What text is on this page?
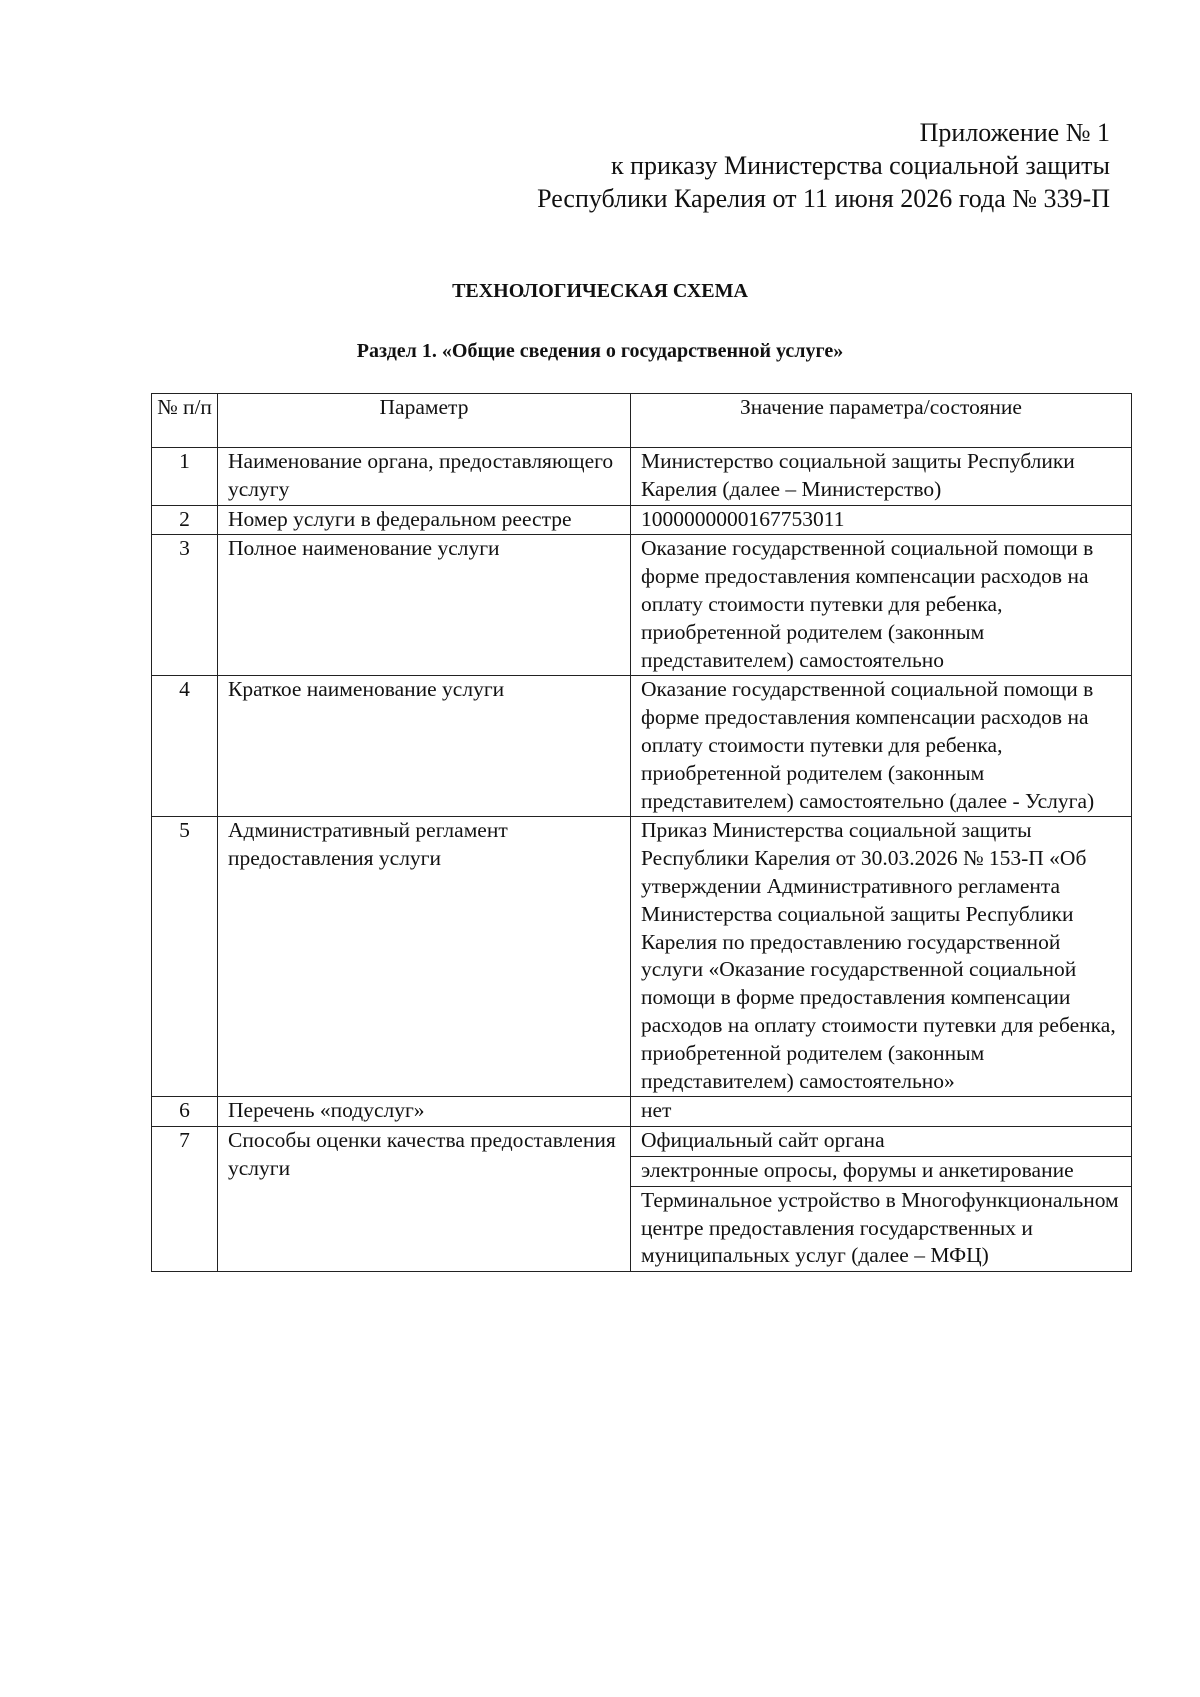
Приложение № 1
к приказу Министерства социальной защиты
Республики Карелия от 11 июня 2026 года № 339-П
ТЕХНОЛОГИЧЕСКАЯ СХЕМА
Раздел 1. «Общие сведения о государственной услуге»
№ п/п	Параметр	Значение параметра/состояние
1	Наименование органа, предоставляющего услугу	Министерство социальной защиты Республики Карелия (далее – Министерство)
2	Номер услуги в федеральном реестре	1000000000167753011
3	Полное наименование услуги	Оказание государственной социальной помощи в форме предоставления компенсации расходов на оплату стоимости путевки для ребенка, приобретенной родителем (законным представителем) самостоятельно
4	Краткое наименование услуги	Оказание государственной социальной помощи в форме предоставления компенсации расходов на оплату стоимости путевки для ребенка, приобретенной родителем (законным представителем) самостоятельно (далее - Услуга)
5	Административный регламент предоставления услуги	Приказ Министерства социальной защиты Республики Карелия от 30.03.2026 № 153-П «Об утверждении Административного регламента Министерства социальной защиты Республики Карелия по предоставлению государственной услуги «Оказание государственной социальной помощи в форме предоставления компенсации расходов на оплату стоимости путевки для ребенка, приобретенной родителем (законным представителем) самостоятельно»
6	Перечень «подуслуг»	нет
7	Способы оценки качества предоставления услуги	Официальный сайт органа
		электронные опросы, форумы и анкетирование
		Терминальное устройство в Многофункциональном центре предоставления государственных и муниципальных услуг (далее – МФЦ)
